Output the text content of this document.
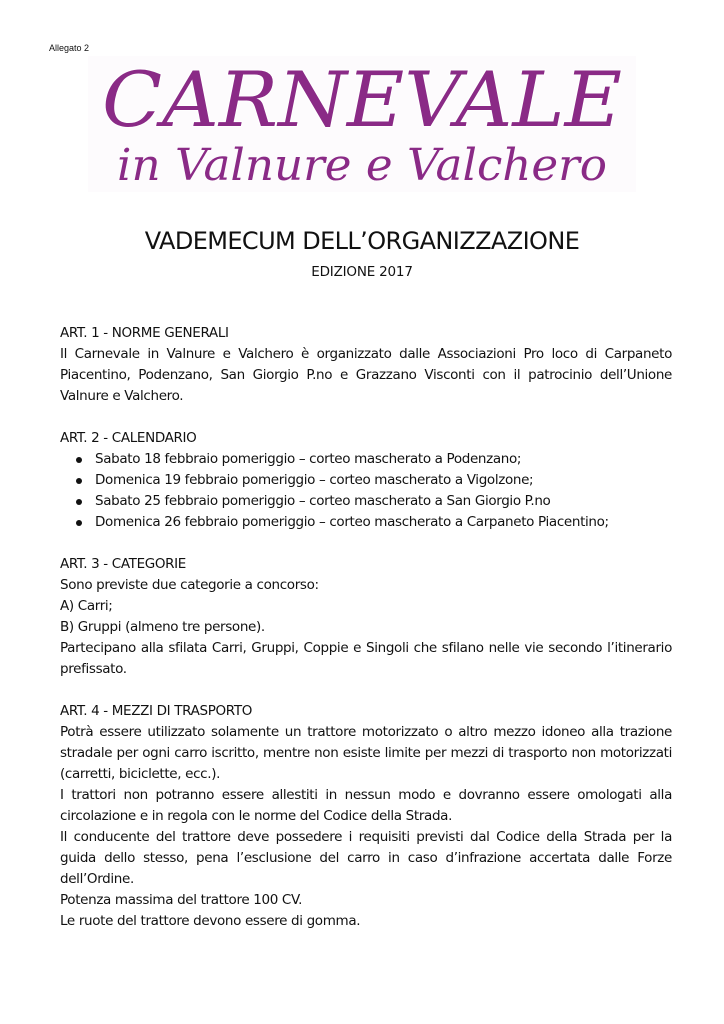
Allegato 2
CARNEVALE
in Valnure e Valchero
VADEMECUM DELL’ORGANIZZAZIONE
EDIZIONE 2017

ART. 1 - NORME GENERALI

Il Carnevale in Valnure e Valchero è organizzato dalle Associazioni Pro loco di Carpaneto Piacentino, Podenzano, San Giorgio P.no e Grazzano Visconti con il patrocinio dell’Unione Valnure e Valchero.

ART. 2 - CALENDARIO

Sabato 18 febbraio pomeriggio – corteo mascherato a Podenzano;
Domenica 19 febbraio pomeriggio – corteo mascherato a Vigolzone;
Sabato 25 febbraio pomeriggio – corteo mascherato a San Giorgio P.no
Domenica 26 febbraio pomeriggio – corteo mascherato a Carpaneto Piacentino;

ART. 3 - CATEGORIE

Sono previste due categorie a concorso:

A) Carri;

B) Gruppi (almeno tre persone).

Partecipano alla sfilata Carri, Gruppi, Coppie e Singoli che sfilano nelle vie secondo l’itinerario prefissato.

ART. 4 - MEZZI DI TRASPORTO

Potrà essere utilizzato solamente un trattore motorizzato o altro mezzo idoneo alla trazione stradale per ogni carro iscritto, mentre non esiste limite per mezzi di trasporto non motorizzati (carretti, biciclette, ecc.).

I trattori non potranno essere allestiti in nessun modo e dovranno essere omologati alla circolazione e in regola con le norme del Codice della Strada.

Il conducente del trattore deve possedere i requisiti previsti dal Codice della Strada per la guida dello stesso, pena l’esclusione del carro in caso d’infrazione accertata dalle Forze dell’Ordine.

Potenza massima del trattore 100 CV.

Le ruote del trattore devono essere di gomma.
